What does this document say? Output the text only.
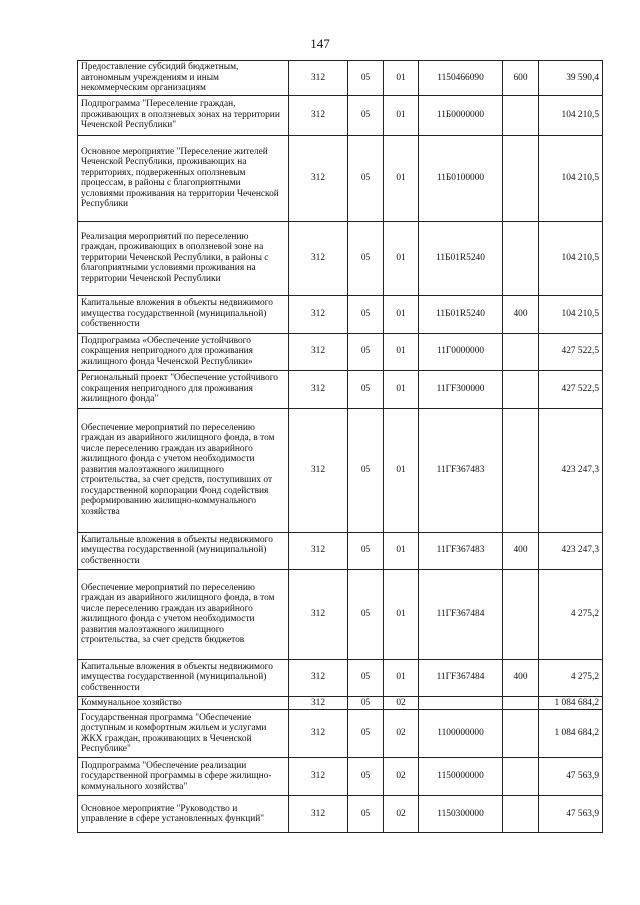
147
Предоставление субсидий бюджетным, автономным учреждениям и иным некоммерческим организациям	312	05	01	1150466090	600	39 590,4
Подпрограмма "Переселение граждан, проживающих в оползневых зонах на территории Чеченской Республики"	312	05	01	11Б0000000		104 210,5
Основное мероприятие "Переселение жителей Чеченской Республики, проживающих на территориях, подверженных оползневым процессам, в районы с благоприятными условиями проживания на территории Чеченской Республики	312	05	01	11Б0100000		104 210,5
Реализация мероприятий по переселению граждан, проживающих в оползневой зоне на территории Чеченской Республики, в районы с благоприятными условиями проживания на территории Чеченской Республики	312	05	01	11Б01R5240		104 210,5
Капитальные вложения в объекты недвижимого имущества государственной (муниципальной) собственности	312	05	01	11Б01R5240	400	104 210,5
Подпрограмма «Обеспечение устойчивого сокращения непригодного для проживания жилищного фонда Чеченской Республики»	312	05	01	11Г0000000		427 522,5
Региональный проект "Обеспечение устойчивого сокращения непригодного для проживания жилищного фонда"	312	05	01	11ГF300000		427 522,5
Обеспечение мероприятий по переселению граждан из аварийного жилищного фонда, в том числе переселению граждан из аварийного жилищного фонда с учетом необходимости развития малоэтажного жилищного строительства, за счет средств, поступивших от государственной корпорации Фонд содействия реформированию жилищно-коммунального хозяйства	312	05	01	11ГF367483		423 247,3
Капитальные вложения в объекты недвижимого имущества государственной (муниципальной) собственности	312	05	01	11ГF367483	400	423 247,3
Обеспечение мероприятий по переселению граждан из аварийного жилищного фонда, в том числе переселению граждан из аварийного жилищного фонда с учетом необходимости развития малоэтажного жилищного строительства, за счет средств бюджетов	312	05	01	11ГF367484		4 275,2
Капитальные вложения в объекты недвижимого имущества государственной (муниципальной) собственности	312	05	01	11ГF367484	400	4 275,2
Коммунальное хозяйство	312	05	02			1 084 684,2
Государственная программа "Обеспечение доступным и комфортным жильем и услугами ЖКХ граждан, проживающих в Чеченской Республике"	312	05	02	1100000000		1 084 684,2
Подпрограмма "Обеспечение реализации государственной программы в сфере жилищно-коммунального хозяйства"	312	05	02	1150000000		47 563,9
Основное мероприятие "Руководство и управление в сфере установленных функций"	312	05	02	1150300000		47 563,9
